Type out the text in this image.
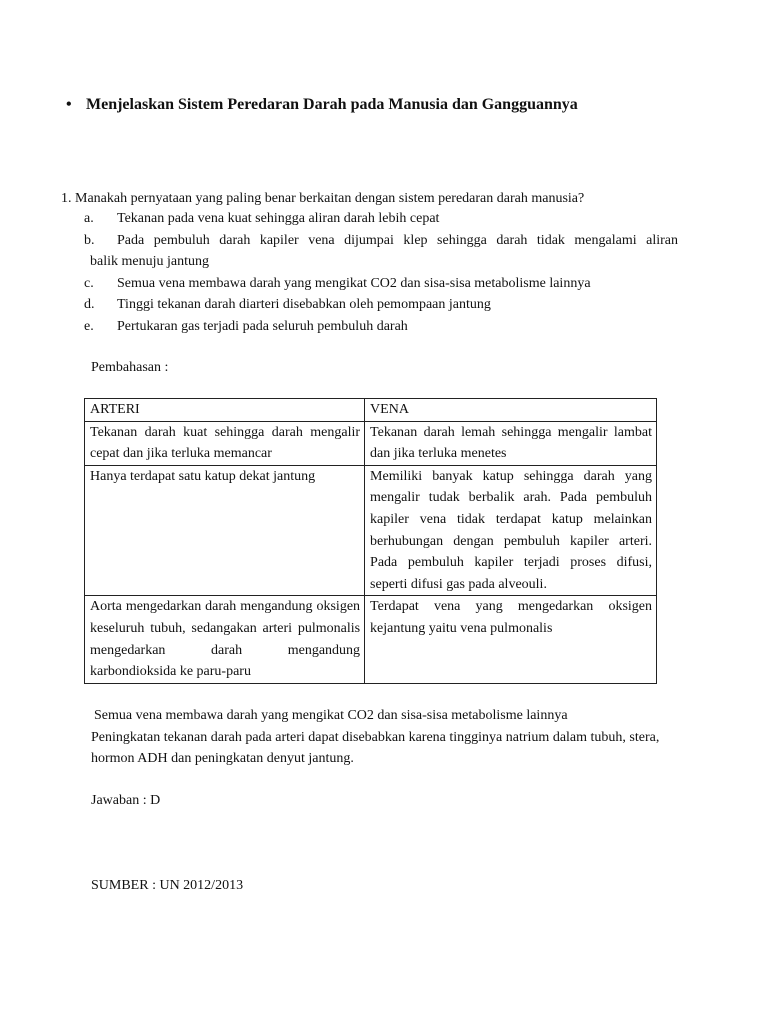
• Menjelaskan Sistem Peredaran Darah pada Manusia dan Gangguannya
1. Manakah pernyataan yang paling benar berkaitan dengan sistem peredaran darah manusia?
a.	Tekanan pada vena kuat sehingga aliran darah lebih cepat
b.	Pada pembuluh darah kapiler vena dijumpai klep sehingga darah tidak mengalami aliran
balik menuju jantung
c.	Semua vena membawa darah yang mengikat CO2 dan sisa-sisa metabolisme lainnya
d.	Tinggi tekanan darah diarteri disebabkan oleh pemompaan jantung
e.	Pertukaran gas terjadi pada seluruh pembuluh darah
Pembahasan :
ARTERI	VENA
Tekanan darah kuat sehingga darah mengalir cepat dan jika terluka memancar	Tekanan darah lemah sehingga mengalir lambat dan jika terluka menetes
Hanya terdapat satu katup dekat jantung	Memiliki banyak katup sehingga darah yang mengalir tudak berbalik arah. Pada pembuluh kapiler vena tidak terdapat katup melainkan berhubungan dengan pembuluh kapiler arteri. Pada pembuluh kapiler terjadi proses difusi, seperti difusi gas pada alveouli.
Aorta mengedarkan darah mengandung oksigen keseluruh tubuh, sedangakan arteri pulmonalis mengedarkan darah mengandung karbondioksida ke paru-paru	Terdapat vena yang mengedarkan oksigen kejantung yaitu vena pulmonalis
Semua vena membawa darah yang mengikat CO2 dan sisa-sisa metabolisme lainnya
Peningkatan tekanan darah pada arteri dapat disebabkan karena tingginya natrium dalam tubuh, stera, hormon ADH dan peningkatan denyut jantung.
Jawaban : D
SUMBER : UN 2012/2013
